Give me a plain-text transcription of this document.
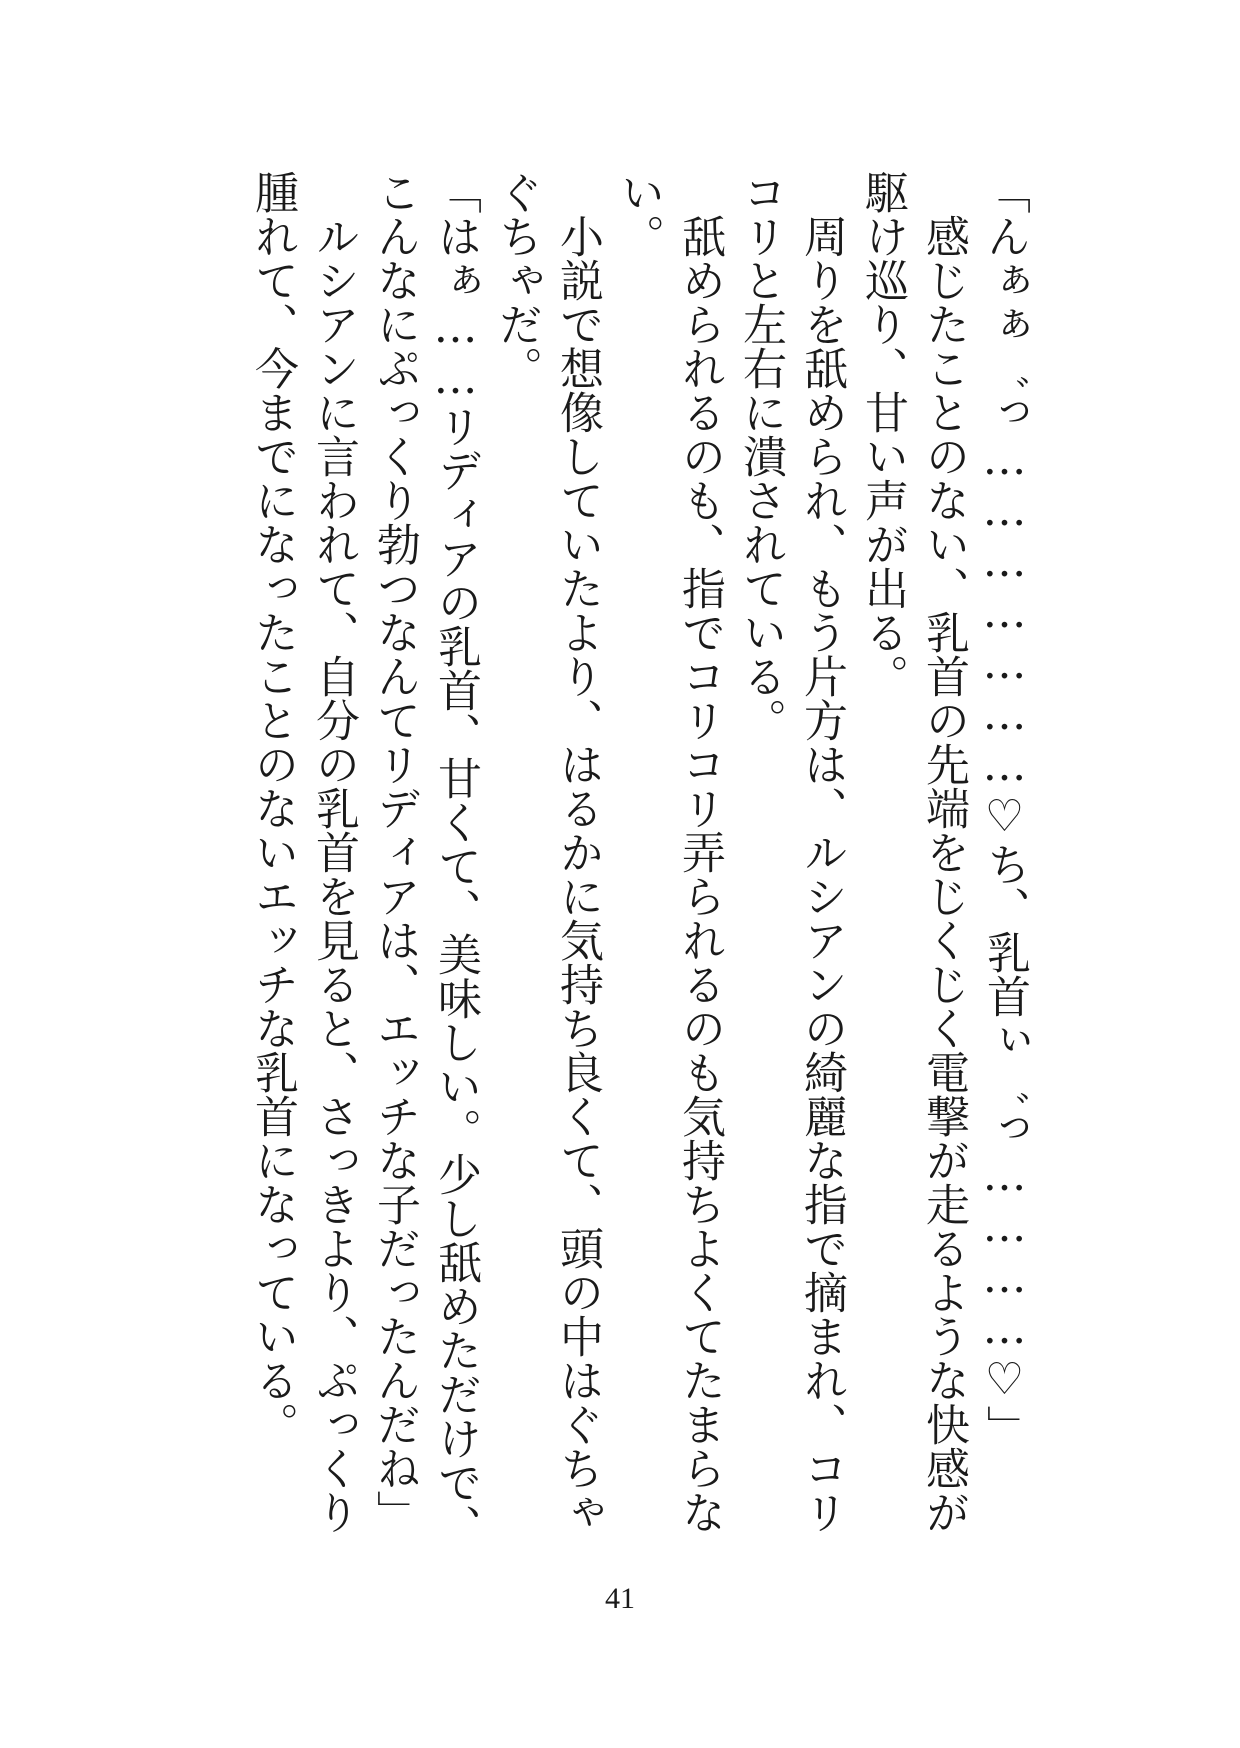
「んぁぁ゛っ…………………♡ち、乳首ぃ゛っ…………♡」

感じたことのない、乳首の先端をじくじく電撃が走るような快感が駆け巡り、甘い声が出る。

周りを舐められ、もう片方は、ルシアンの綺麗な指で摘まれ、コリコリと左右に潰されている。

舐められるのも、指でコリコリ弄られるのも気持ちよくてたまらない。

小説で想像していたより、はるかに気持ち良くて、頭の中はぐちゃぐちゃだ。

「はぁ……リディアの乳首、甘くて、美味しい。少し舐めただけで、こんなにぷっくり勃つなんてリディアは、エッチな子だったんだね」

ルシアンに言われて、自分の乳首を見ると、さっきより、ぷっくり腫れて、今までになったことのないエッチな乳首になっている。

41
